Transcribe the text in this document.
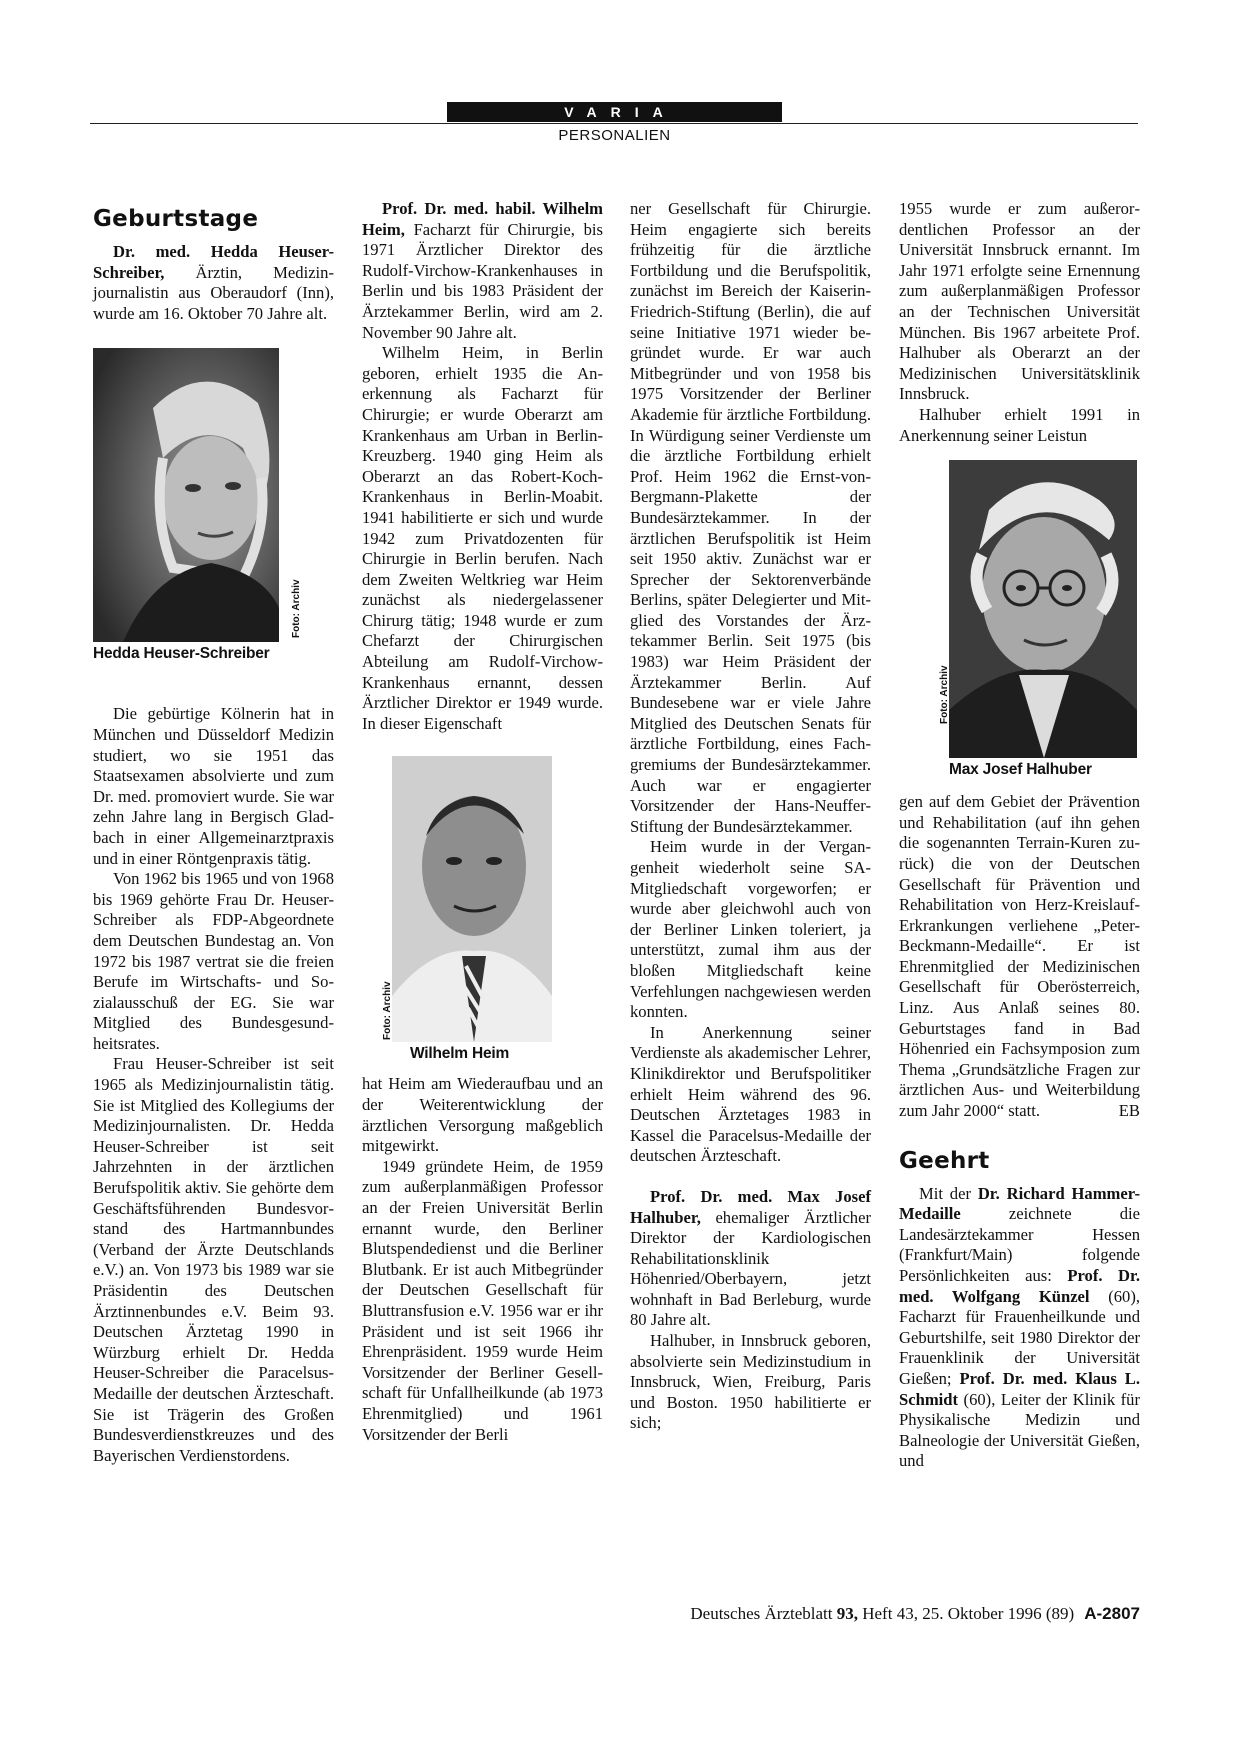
VARIA
PERSONALIEN
Geburtstage

Dr. med. Hedda Heuser-Schreiber, Ärztin, Medizinjournalistin aus Oberaudorf (Inn), wurde am 16. Oktober 70 Jahre alt.

Foto: Archiv
Hedda Heuser-Schreiber

Die gebürtige Kölnerin hat in München und Düsseldorf Medizin studiert, wo sie 1951 das Staatsexamen absolvierte und zum Dr. med. promoviert wurde. Sie war zehn Jahre lang in Bergisch Gladbach in einer Allgemeinarztpraxis und in einer Röntgenpraxis tätig.

Von 1962 bis 1965 und von 1968 bis 1969 gehörte Frau Dr. Heuser-Schreiber als FDP-Abgeordnete dem Deutschen Bundestag an. Von 1972 bis 1987 vertrat sie die freien Berufe im Wirtschafts- und Sozialausschuß der EG. Sie war Mitglied des Bundesgesundheitsrates.

Frau Heuser-Schreiber ist seit 1965 als Medizinjournalistin tätig. Sie ist Mitglied des Kollegiums der Medizinjournalisten. Dr. Hedda Heuser-Schreiber ist seit Jahrzehnten in der ärztlichen Berufspolitik aktiv. Sie gehörte dem Geschäftsführenden Bundesvorstand des Hartmannbundes (Verband der Ärzte Deutschlands e.V.) an. Von 1973 bis 1989 war sie Präsidentin des Deutschen Ärztinnenbundes e.V. Beim 93. Deutschen Ärztetag 1990 in Würzburg erhielt Dr. Hedda Heuser-Schreiber die Paracelsus-Medaille der deutschen Ärzteschaft. Sie ist Trägerin des Großen Bundesverdienstkreuzes und des Bayerischen Verdienstordens.

Prof. Dr. med. habil. Wilhelm Heim, Facharzt für Chirurgie, bis 1971 Ärztlicher Direktor des Rudolf-Virchow-Krankenhauses in Berlin und bis 1983 Präsident der Ärztekammer Berlin, wird am 2. November 90 Jahre alt.

Wilhelm Heim, in Berlin geboren, erhielt 1935 die Anerkennung als Facharzt für Chirurgie; er wurde Oberarzt am Krankenhaus am Urban in Berlin-Kreuzberg. 1940 ging Heim als Oberarzt an das Robert-Koch-Krankenhaus in Berlin-Moabit. 1941 habilitierte er sich und wurde 1942 zum Privatdozenten für Chirurgie in Berlin berufen. Nach dem Zweiten Weltkrieg war Heim zunächst als niedergelassener Chirurg tätig; 1948 wurde er zum Chefarzt der Chirurgischen Abteilung am Rudolf-Virchow-Krankenhaus ernannt, dessen Ärztlicher Direktor er 1949 wurde. In dieser Eigenschaft

Foto: Archiv
Wilhelm Heim

hat Heim am Wiederaufbau und an der Weiterentwicklung der ärztlichen Versorgung maßgeblich mitgewirkt.

1949 gründete Heim, de 1959 zum außerplanmäßigen Professor an der Freien Universität Berlin ernannt wurde, den Berliner Blutspendedienst und die Berliner Blutbank. Er ist auch Mitbegründer der Deutschen Gesellschaft für Bluttransfusion e.V. 1956 war er ihr Präsident und ist seit 1966 ihr Ehrenpräsident. 1959 wurde Heim Vorsitzender der Berliner Gesellschaft für Unfallheilkunde (ab 1973 Ehrenmitglied) und 1961 Vorsitzender der Berli

ner Gesellschaft für Chirurgie. Heim engagierte sich bereits frühzeitig für die ärztliche Fortbildung und die Berufspolitik, zunächst im Bereich der Kaiserin-Friedrich-Stiftung (Berlin), die auf seine Initiative 1971 wieder begründet wurde. Er war auch Mitbegründer und von 1958 bis 1975 Vorsitzender der Berliner Akademie für ärztliche Fortbildung. In Würdigung seiner Verdienste um die ärztliche Fortbildung erhielt Prof. Heim 1962 die Ernst-von-Bergmann-Plakette der Bundesärztekammer. In der ärztlichen Berufspolitik ist Heim seit 1950 aktiv. Zunächst war er Sprecher der Sektorenverbände Berlins, später Delegierter und Mitglied des Vorstandes der Ärztekammer Berlin. Seit 1975 (bis 1983) war Heim Präsident der Ärztekammer Berlin. Auf Bundesebene war er viele Jahre Mitglied des Deutschen Senats für ärztliche Fortbildung, eines Fachgremiums der Bundesärztekammer. Auch war er engagierter Vorsitzender der Hans-Neuffer-Stiftung der Bundesärztekammer.

Heim wurde in der Vergangenheit wiederholt seine SA-Mitgliedschaft vorgeworfen; er wurde aber gleichwohl auch von der Berliner Linken toleriert, ja unterstützt, zumal ihm aus der bloßen Mitgliedschaft keine Verfehlungen nachgewiesen werden konnten.

In Anerkennung seiner Verdienste als akademischer Lehrer, Klinikdirektor und Berufspolitiker erhielt Heim während des 96. Deutschen Ärztetages 1983 in Kassel die Paracelsus-Medaille der deutschen Ärzteschaft.

Prof. Dr. med. Max Josef Halhuber, ehemaliger Ärztlicher Direktor der Kardiologischen Rehabilitationsklinik Höhenried/Oberbayern, jetzt wohnhaft in Bad Berleburg, wurde 80 Jahre alt.

Halhuber, in Innsbruck geboren, absolvierte sein Medizinstudium in Innsbruck, Wien, Freiburg, Paris und Boston. 1950 habilitierte er sich;

1955 wurde er zum außerordentlichen Professor an der Universität Innsbruck ernannt. Im Jahr 1971 erfolgte seine Ernennung zum außerplanmäßigen Professor an der Technischen Universität München. Bis 1967 arbeitete Prof. Halhuber als Oberarzt an der Medizinischen Universitätsklinik Innsbruck.

Halhuber erhielt 1991 in Anerkennung seiner Leistun

Foto: Archiv
Max Josef Halhuber

gen auf dem Gebiet der Prävention und Rehabilitation (auf ihn gehen die sogenannten Terrain-Kuren zurück) die von der Deutschen Gesellschaft für Prävention und Rehabilitation von Herz-Kreislauf-Erkrankungen verliehene „Peter-Beckmann-Medaille“. Er ist Ehrenmitglied der Medizinischen Gesellschaft für Oberösterreich, Linz. Aus Anlaß seines 80. Geburtstages fand in Bad Höhenried ein Fachsymposion zum Thema „Grundsätzliche Fragen zur ärztlichen Aus- und Weiterbildung zum Jahr 2000“ statt.	EB

Geehrt

Mit der Dr. Richard Hammer-Medaille zeichnete die Landesärztekammer Hessen (Frankfurt/Main) folgende Persönlichkeiten aus: Prof. Dr. med. Wolfgang Künzel (60), Facharzt für Frauenheilkunde und Geburtshilfe, seit 1980 Direktor der Frauenklinik der Universität Gießen; Prof. Dr. med. Klaus L. Schmidt (60), Leiter der Klinik für Physikalische Medizin und Balneologie der Universität Gießen, und

Deutsches Ärzteblatt 93, Heft 43, 25. Oktober 1996 (89) A-2807
